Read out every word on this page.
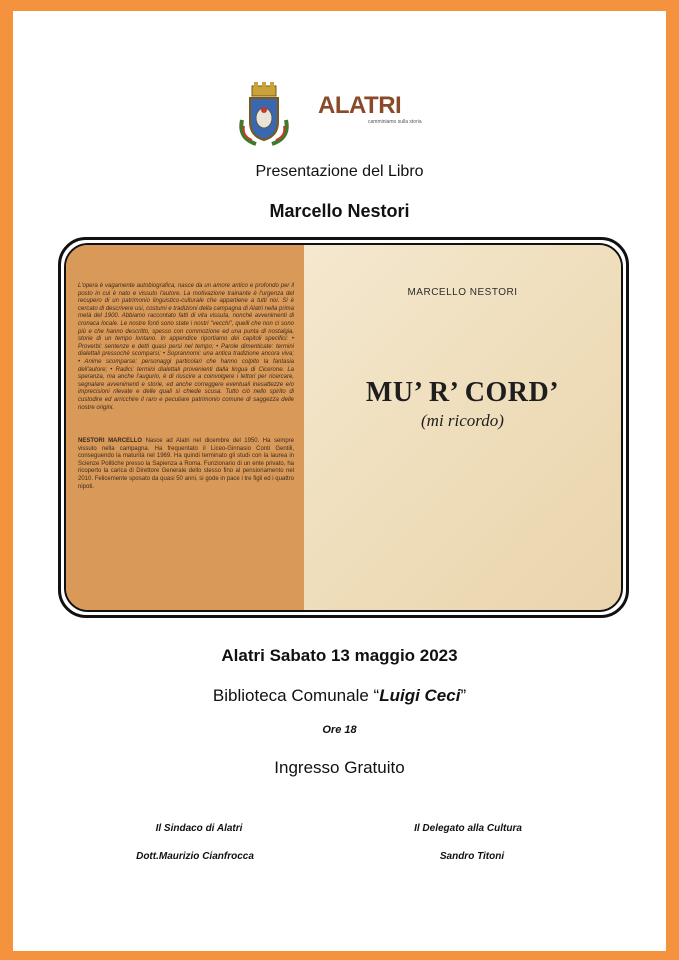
ALATRI
camminiamo sulla storia
Presentazione del Libro
Marcello Nestori
L'opera è vagamente autobiografica, nasce da un amore antico e profondo per il posto in cui è nato e vissuto l'autore. La motivazione trainante è l'urgenza del recupero di un patrimonio linguistico-culturale che appartiene a tutti noi. Si è cercato di descrivere usi, costumi e tradizioni della campagna di Alatri nella prima metà del 1900. Abbiamo raccontato fatti di vita vissuta, nonché avvenimenti di cronaca locale. Le nostre fonti sono state i nostri "vecchi", quelli che non ci sono più e che hanno descritto, spesso con commozione ed una punta di nostalgia, storie di un tempo lontano. In appendice riportiamo dei capitoli specifici: • Proverbi: sentenze e detti quasi persi nel tempo; • Parole dimenticate: termini dialettali pressoché scomparsi; • Soprannomi: una antica tradizione ancora viva; • Anime scomparse: personaggi particolari che hanno colpito la fantasia dell'autore; • Radici: termini dialettali provenienti dalla lingua di Cicerone. La speranza, ma anche l'augurio, è di riuscire a coinvolgere i lettori per ricercare, segnalare avvenimenti e storie, ed anche correggere eventuali inesattezze e/o imprecisioni rilevate e delle quali si chiede scusa. Tutto ciò nello spirito di custodire ed arricchire il raro e peculiare patrimonio comune di saggezza delle nostre origini.
NESTORI MARCELLO Nasce ad Alatri nel dicembre del 1950. Ha sempre vissuto nella campagna. Ha frequentato il Liceo-Ginnasio Conti Gentili, conseguendo la maturità nel 1969. Ha quindi terminato gli studi con la laurea in Scienze Politiche presso la Sapienza a Roma. Funzionario di un ente privato, ha ricoperto la carica di Direttore Generale dello stesso fino al pensionamento nel 2010. Felicemente sposato da quasi 50 anni, si gode in pace i tre figli ed i quattro nipoti.
MARCELLO NESTORI
MU’ R’ CORD’
(mi ricordo)
Alatri Sabato 13 maggio 2023
Biblioteca Comunale “Luigi Ceci”
Ore 18
Ingresso Gratuito
Il Sindaco di Alatri
Dott.Maurizio Cianfrocca
Il Delegato alla Cultura
Sandro Titoni
